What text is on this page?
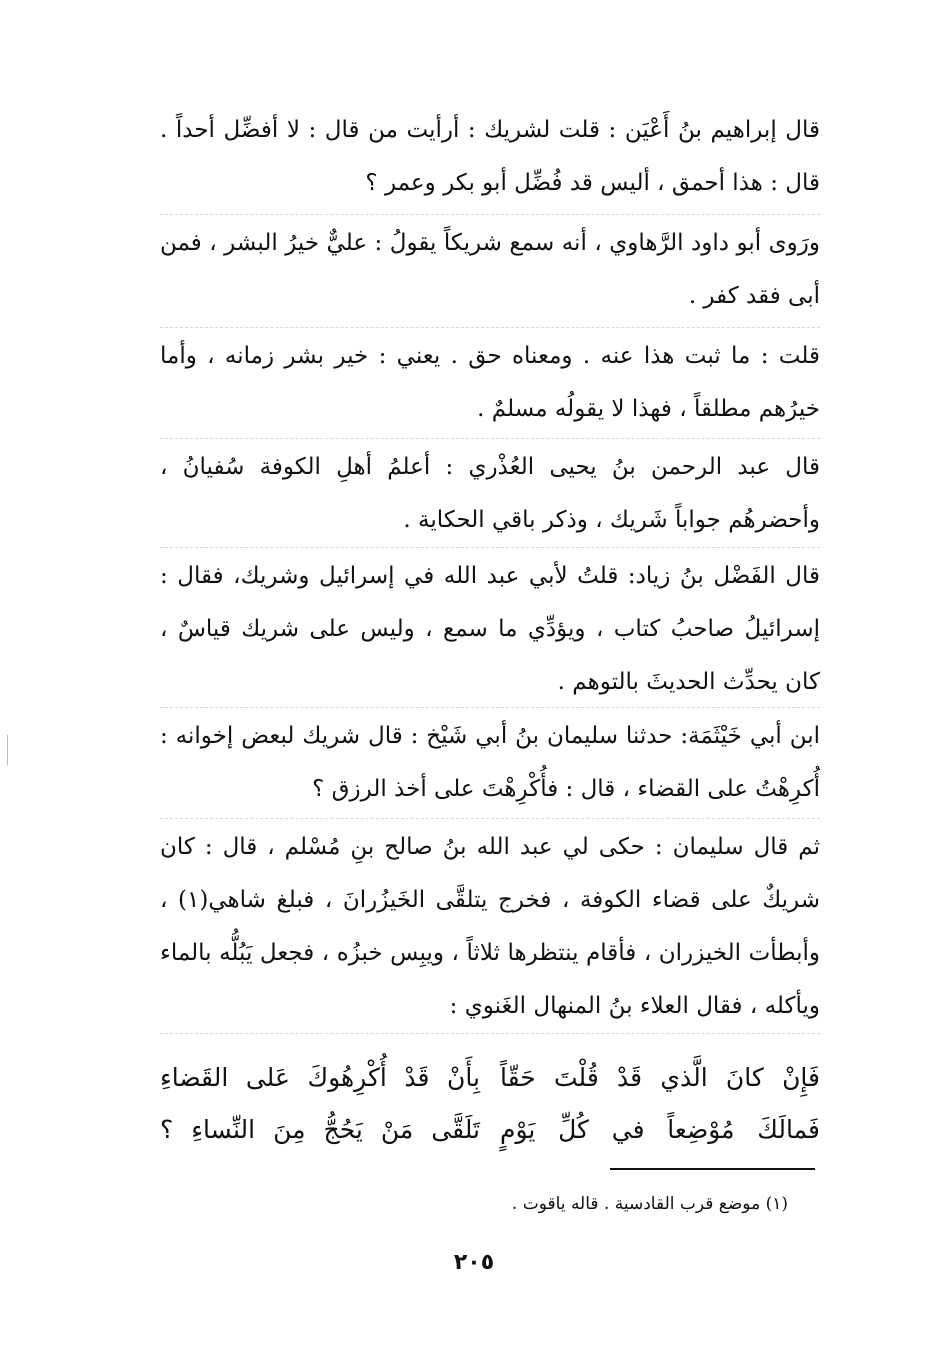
قال إبراهيم بنُ أَعْيَن : قلت لشريك : أرأيت من قال : لا أفضِّل أحداً . قال : هذا أحمق ، أليس قد فُضِّل أبو بكر وعمر ؟
ورَوى أبو داود الرَّهاوي ، أنه سمع شريكاً يقولُ : عليٌّ خيرُ البشر ، فمن أبى فقد كفر .
قلت : ما ثبت هذا عنه . ومعناه حق . يعني : خير بشر زمانه ، وأما خيرُهم مطلقاً ، فهذا لا يقولُه مسلمٌ .
قال عبد الرحمن بنُ يحيى العُذْري : أعلمُ أهلِ الكوفة سُفيانُ ، وأحضرهُم جواباً شَريك ، وذكر باقي الحكاية .
قال الفَضْل بنُ زياد: قلتُ لأبي عبد الله في إسرائيل وشريك، فقال : إسرائيلُ صاحبُ كتاب ، ويؤدِّي ما سمع ، وليس على شريك قياسٌ ، كان يحدِّث الحديثَ بالتوهم .
ابن أبي خَيْثَمَة: حدثنا سليمان بنُ أبي شَيْخ : قال شريك لبعض إخوانه : أُكرِهْتُ على القضاء ، قال : فأُكْرِهْتَ على أخذ الرزق ؟
ثم قال سليمان : حكى لي عبد الله بنُ صالح بنِ مُسْلم ، قال : كان شريكٌ على قضاء الكوفة ، فخرج يتلقَّى الخَيزُرانَ ، فبلغ شاهي(١) ، وأبطأت الخيزران ، فأقام ينتظرها ثلاثاً ، ويبِس خبزُه ، فجعل يَبُلُّه بالماء ويأكله ، فقال العلاء بنُ المنهال الغَنوي :
فَإِنْ كانَ الَّذي قَدْ قُلْتَ حَقّاً
بِأَنْ قَدْ أُكْرِهُوكَ عَلى القَضاءِ
فَمالَكَ مُوْضِعاً في كُلِّ يَوْمٍ
تَلَقَّى مَنْ يَحُجُّ مِنَ النِّساءِ ؟
(١) موضع قرب القادسية . قاله ياقوت .
٢٠٥
